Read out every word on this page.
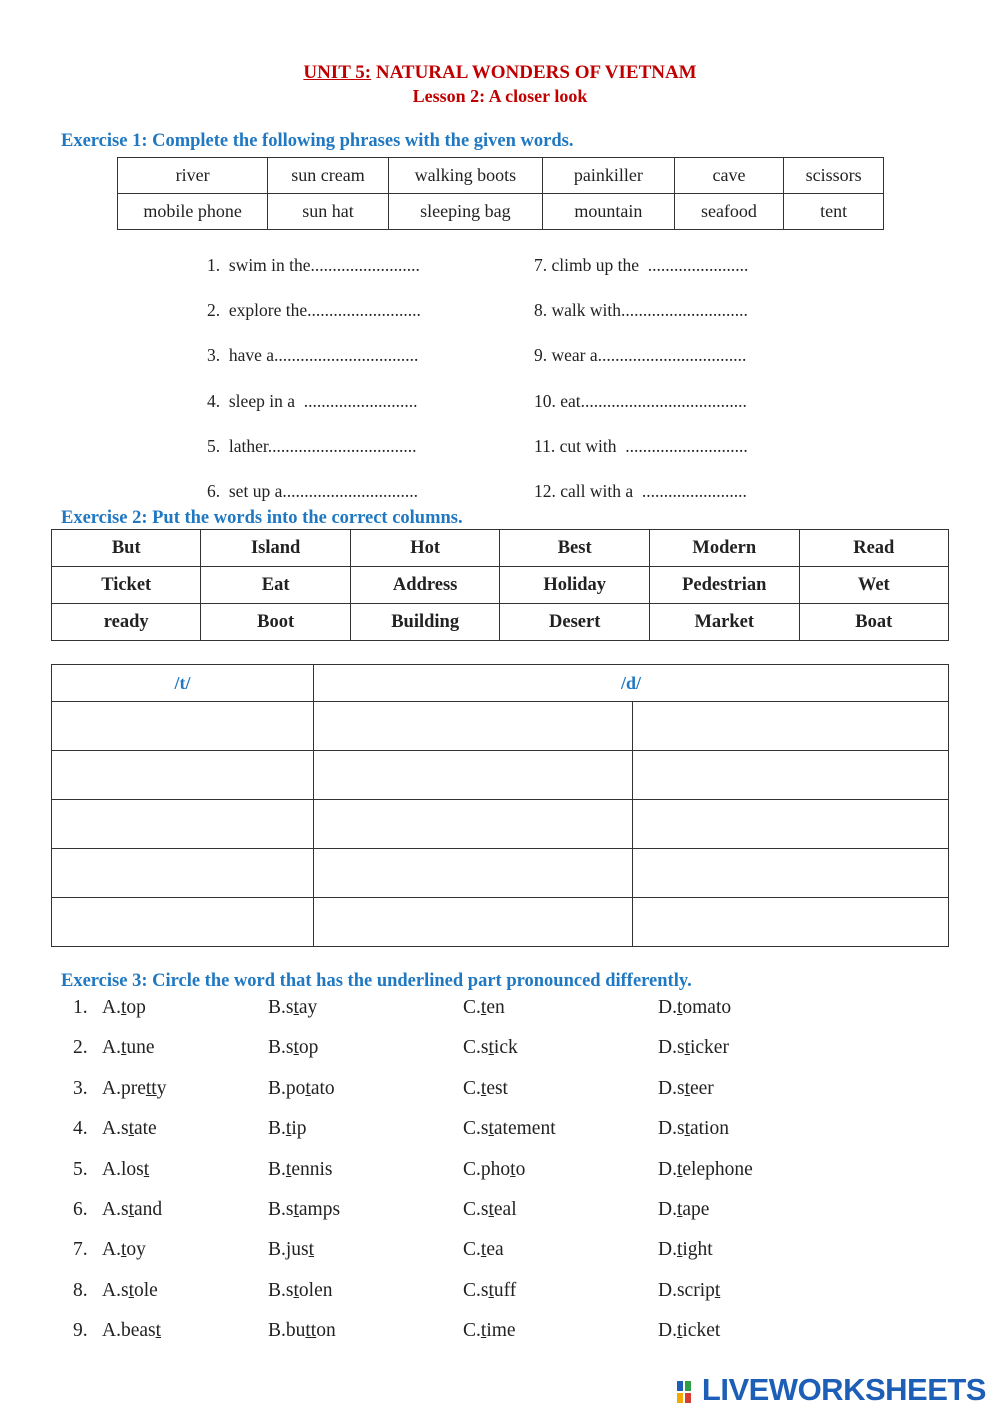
UNIT 5: NATURAL WONDERS OF VIETNAM
Lesson 2: A closer look
Exercise 1: Complete the following phrases with the given words.
river	sun cream	walking boots	painkiller	cave	scissors
mobile phone	sun hat	sleeping bag	mountain	seafood	tent
1.  swim in the.........................
2.  explore the..........................
3.  have a.................................
4.  sleep in a  ..........................
5.  lather..................................
6.  set up a...............................
7. climb up the  .......................
8. walk with.............................
9. wear a..................................
10. eat......................................
11. cut with  ............................
12. call with a  ........................
Exercise 2: Put the words into the correct columns.
But	Island	Hot	Best	Modern	Read
Ticket	Eat	Address	Holiday	Pedestrian	Wet
ready	Boot	Building	Desert	Market	Boat
/t/	/d/	

Exercise 3: Circle the word that has the underlined part pronounced differently.
1. A.top	B.stay	C.ten	D.tomato
2. A.tune	B.stop	C.stick	D.sticker
3. A.pretty	B.potato	C.test	D.steer
4. A.state	B.tip	C.statement	D.station
5. A.lost	B.tennis	C.photo	D.telephone
6. A.stand	B.stamps	C.steal	D.tape
7. A.toy	B.just	C.tea	D.tight
8. A.stole	B.stolen	C.stuff	D.script
9. A.beast	B.button	C.time	D.ticket
LIVEWORKSHEETS
